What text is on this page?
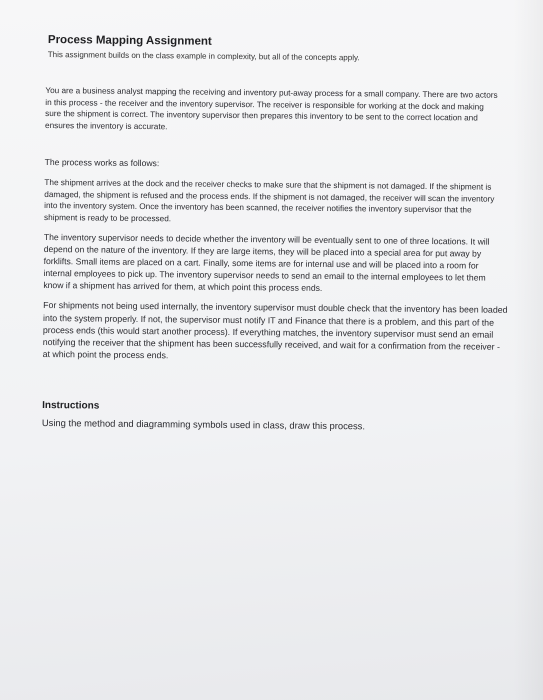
Process Mapping Assignment
This assignment builds on the class example in complexity, but all of the concepts apply.

You are a business analyst mapping the receiving and inventory put-away process for a small company. There are two actors in this process - the receiver and the inventory supervisor. The receiver is responsible for working at the dock and making sure the shipment is correct. The inventory supervisor then prepares this inventory to be sent to the correct location and ensures the inventory is accurate.

The process works as follows:

The shipment arrives at the dock and the receiver checks to make sure that the shipment is not damaged. If the shipment is damaged, the shipment is refused and the process ends. If the shipment is not damaged, the receiver will scan the inventory into the inventory system. Once the inventory has been scanned, the receiver notifies the inventory supervisor that the shipment is ready to be processed.

The inventory supervisor needs to decide whether the inventory will be eventually sent to one of three locations. It will depend on the nature of the inventory. If they are large items, they will be placed into a special area for put away by forklifts. Small items are placed on a cart. Finally, some items are for internal use and will be placed into a room for internal employees to pick up. The inventory supervisor needs to send an email to the internal employees to let them know if a shipment has arrived for them, at which point this process ends.

For shipments not being used internally, the inventory supervisor must double check that the inventory has been loaded into the system properly. If not, the supervisor must notify IT and Finance that there is a problem, and this part of the process ends (this would start another process). If everything matches, the inventory supervisor must send an email notifying the receiver that the shipment has been successfully received, and wait for a confirmation from the receiver - at which point the process ends.

Instructions
Using the method and diagramming symbols used in class, draw this process.
